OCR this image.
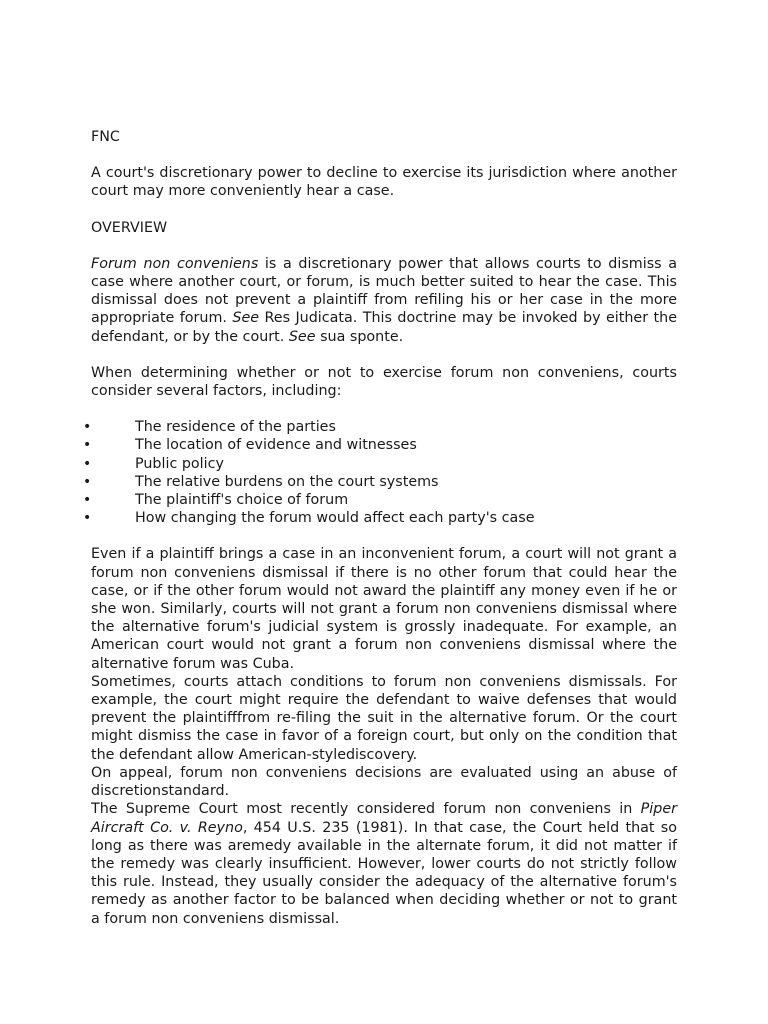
FNC
A court's discretionary power to decline to exercise its jurisdiction where another court may more conveniently hear a case.
OVERVIEW
Forum non conveniens is a discretionary power that allows courts to dismiss a case where another court, or forum, is much better suited to hear the case. This dismissal does not prevent a plaintiff from refiling his or her case in the more appropriate forum. See Res Judicata. This doctrine may be invoked by either the defendant, or by the court. See sua sponte.
When determining whether or not to exercise forum non conveniens, courts consider several factors, including:
•	The residence of the parties
•	The location of evidence and witnesses
•	Public policy
•	The relative burdens on the court systems
•	The plaintiff's choice of forum
•	How changing the forum would affect each party's case
Even if a plaintiff brings a case in an inconvenient forum, a court will not grant a forum non conveniens dismissal if there is no other forum that could hear the case, or if the other forum would not award the plaintiff any money even if he or she won. Similarly, courts will not grant a forum non conveniens dismissal where the alternative forum's judicial system is grossly inadequate. For example, an American court would not grant a forum non conveniens dismissal where the alternative forum was Cuba.
Sometimes, courts attach conditions to forum non conveniens dismissals. For example, the court might require the defendant to waive defenses that would prevent the plaintifffrom re-filing the suit in the alternative forum. Or the court might dismiss the case in favor of a foreign court, but only on the condition that the defendant allow American-stylediscovery.
On appeal, forum non conveniens decisions are evaluated using an abuse of discretionstandard.
The Supreme Court most recently considered forum non conveniens in Piper Aircraft Co. v. Reyno, 454 U.S. 235 (1981). In that case, the Court held that so long as there was aremedy available in the alternate forum, it did not matter if the remedy was clearly insufficient. However, lower courts do not strictly follow this rule. Instead, they usually consider the adequacy of the alternative forum's remedy as another factor to be balanced when deciding whether or not to grant a forum non conveniens dismissal.
